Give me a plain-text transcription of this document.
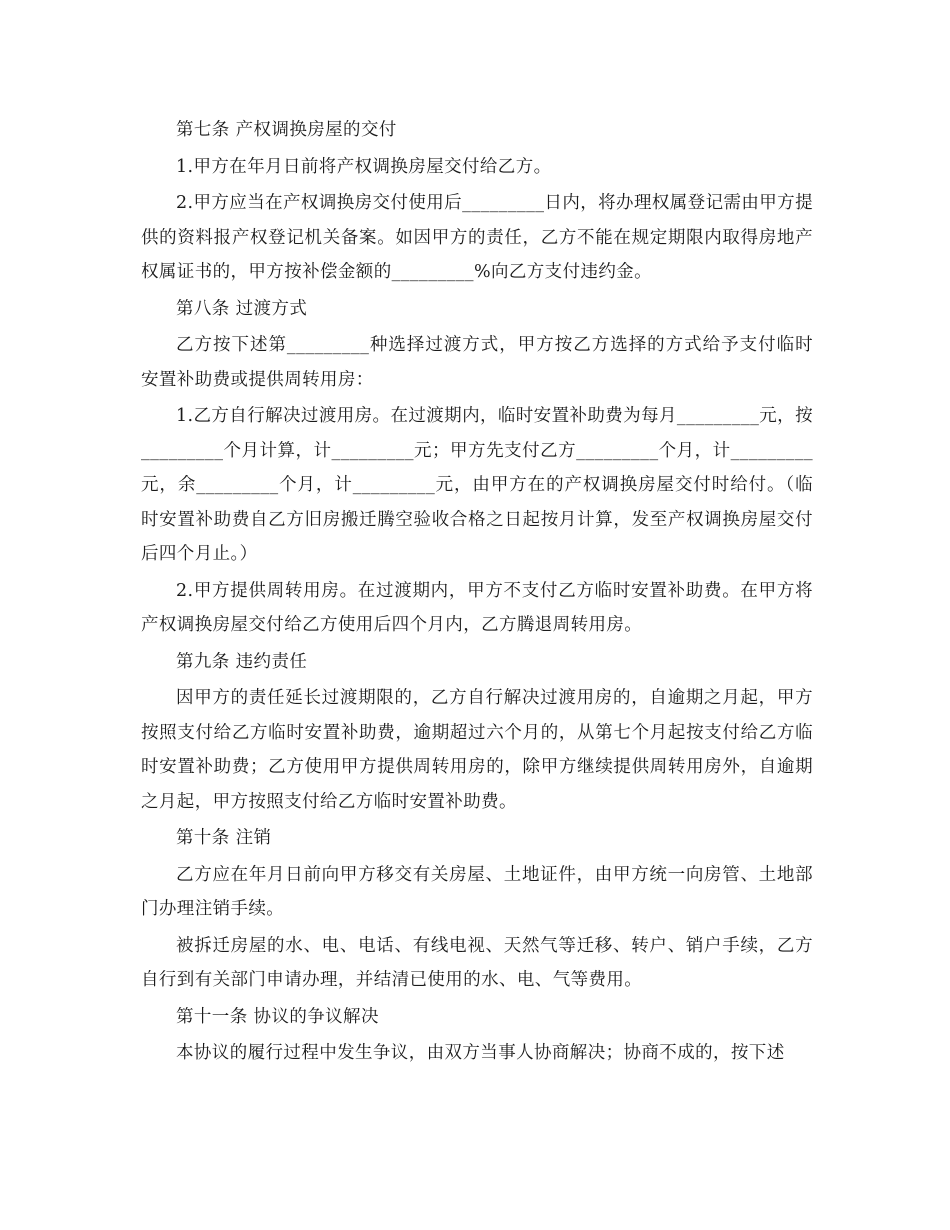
第七条 产权调换房屋的交付

1.甲方在年月日前将产权调换房屋交付给乙方。

2.甲方应当在产权调换房交付使用后_________日内，将办理权属登记需由甲方提供的资料报产权登记机关备案。如因甲方的责任，乙方不能在规定期限内取得房地产权属证书的，甲方按补偿金额的_________%向乙方支付违约金。

第八条 过渡方式

乙方按下述第_________种选择过渡方式，甲方按乙方选择的方式给予支付临时安置补助费或提供周转用房：

1.乙方自行解决过渡用房。在过渡期内，临时安置补助费为每月_________元，按_________个月计算，计_________元；甲方先支付乙方_________个月，计_________元，余_________个月，计_________元，由甲方在的产权调换房屋交付时给付。（临时安置补助费自乙方旧房搬迁腾空验收合格之日起按月计算，发至产权调换房屋交付后四个月止。）

2.甲方提供周转用房。在过渡期内，甲方不支付乙方临时安置补助费。在甲方将产权调换房屋交付给乙方使用后四个月内，乙方腾退周转用房。

第九条 违约责任

因甲方的责任延长过渡期限的，乙方自行解决过渡用房的，自逾期之月起，甲方按照支付给乙方临时安置补助费，逾期超过六个月的，从第七个月起按支付给乙方临时安置补助费；乙方使用甲方提供周转用房的，除甲方继续提供周转用房外，自逾期之月起，甲方按照支付给乙方临时安置补助费。

第十条 注销

乙方应在年月日前向甲方移交有关房屋、土地证件，由甲方统一向房管、土地部门办理注销手续。

被拆迁房屋的水、电、电话、有线电视、天然气等迁移、转户、销户手续，乙方自行到有关部门申请办理，并结清已使用的水、电、气等费用。

第十一条 协议的争议解决

本协议的履行过程中发生争议，由双方当事人协商解决；协商不成的，按下述
